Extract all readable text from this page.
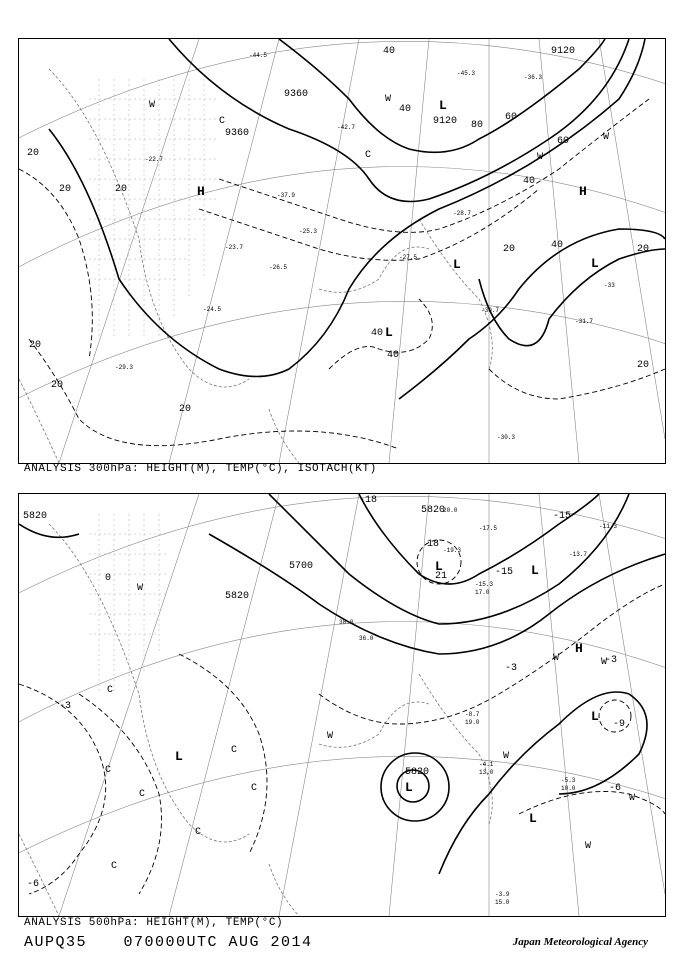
9360
9360
9120
9120
H
L
L
L
L
H
-44.5
-45.3
-36.3
-33
-31.7
-30.7
-30.3
-29.3
-28.7
-27.5
-26.5
-25.3
-24.5
-23.7
-22.7
-37.9
-42.7
20
20	20
20
20
20
20	20
20
40
40
40
40
40
40
60
60
80
W
W
W
W
C
C
ANALYSIS 300hPa: HEIGHT(M), TEMP(°C), ISOTACH(KT)
5820
5820
5700
5820
5820
L
L
H
L
L
L
L
-18
-15
-15
-9
-6
-6
-3
-3
-3
0
18
21
-3.9
-4.1
-5.3
-8.7
-15.3
-17.5
-19.3
-11.3
-13.7
13.0
10.0
15.0
19.0
17.0
38.0
36.0
20.0
W
W
W
W
W
W
W
C
C
C
C
C
C
C
ANALYSIS 500hPa: HEIGHT(M), TEMP(°C)
AUPQ35 070000UTC AUG 2014	Japan Meteorological Agency
